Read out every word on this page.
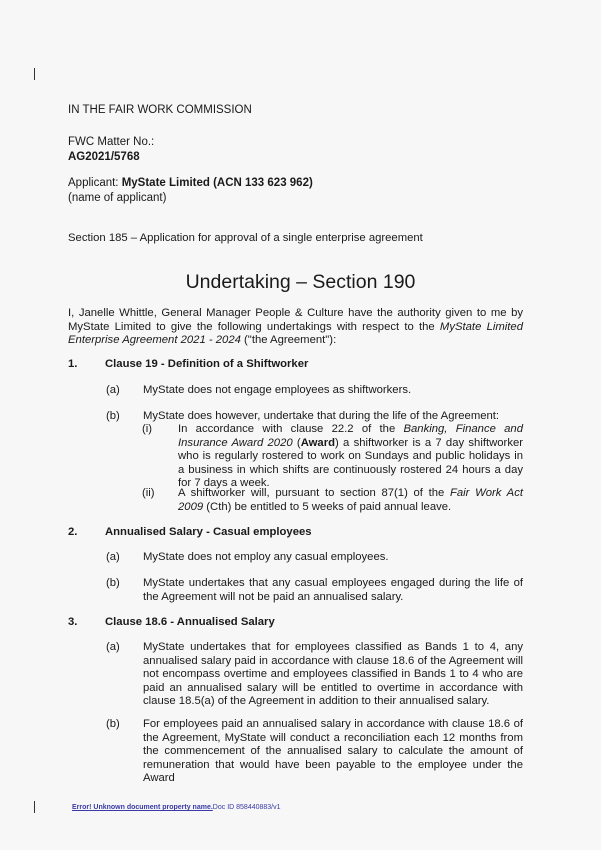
IN THE FAIR WORK COMMISSION
FWC Matter No.:
AG2021/5768
Applicant: MyState Limited (ACN 133 623 962)
(name of applicant)
Section 185 – Application for approval of a single enterprise agreement
Undertaking – Section 190
I, Janelle Whittle, General Manager People & Culture have the authority given to me by MyState Limited to give the following undertakings with respect to the MyState Limited Enterprise Agreement 2021 - 2024 ("the Agreement"):
1. Clause 19 - Definition of a Shiftworker
(a) MyState does not engage employees as shiftworkers.
(b) MyState does however, undertake that during the life of the Agreement:
(i) In accordance with clause 22.2 of the Banking, Finance and Insurance Award 2020 (Award) a shiftworker is a 7 day shiftworker who is regularly rostered to work on Sundays and public holidays in a business in which shifts are continuously rostered 24 hours a day for 7 days a week.
(ii) A shiftworker will, pursuant to section 87(1) of the Fair Work Act 2009 (Cth) be entitled to 5 weeks of paid annual leave.
2. Annualised Salary - Casual employees
(a) MyState does not employ any casual employees.
(b) MyState undertakes that any casual employees engaged during the life of the Agreement will not be paid an annualised salary.
3. Clause 18.6 - Annualised Salary
(a) MyState undertakes that for employees classified as Bands 1 to 4, any annualised salary paid in accordance with clause 18.6 of the Agreement will not encompass overtime and employees classified in Bands 1 to 4 who are paid an annualised salary will be entitled to overtime in accordance with clause 18.5(a) of the Agreement in addition to their annualised salary.
(b) For employees paid an annualised salary in accordance with clause 18.6 of the Agreement, MyState will conduct a reconciliation each 12 months from the commencement of the annualised salary to calculate the amount of remuneration that would have been payable to the employee under the Award
Error! Unknown document property name.Doc ID 858440883/v1
